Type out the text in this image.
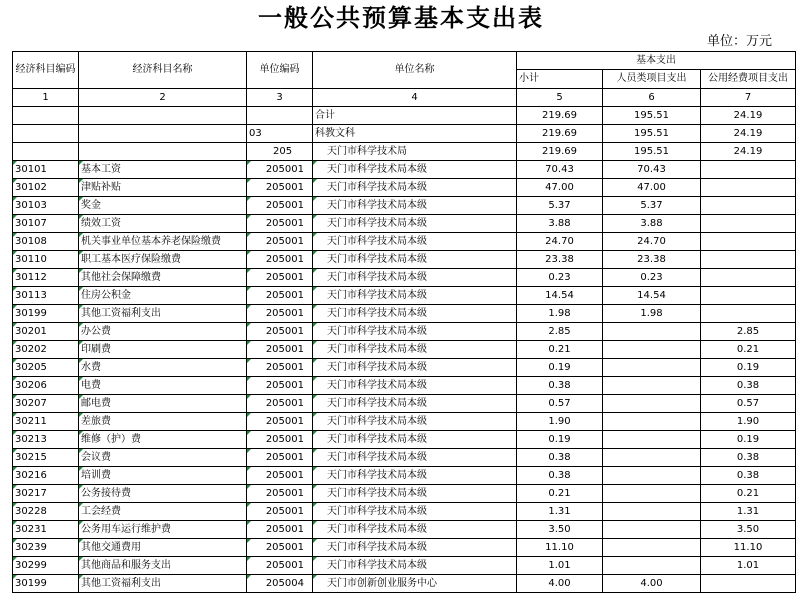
一般公共预算基本支出表
单位：万元
经济科目编码	经济科目名称	单位编码	单位名称	基本支出		
				小计	人员类项目支出	公用经费项目支出
1	2	3	4	5	6	7
			合计	219.69	195.51	24.19
		03	科教文科	219.69	195.51	24.19
		205	天门市科学技术局	219.69	195.51	24.19
30101	基本工资	205001	天门市科学技术局本级	70.43	70.43	
30102	津贴补贴	205001	天门市科学技术局本级	47.00	47.00	
30103	奖金	205001	天门市科学技术局本级	5.37	5.37	
30107	绩效工资	205001	天门市科学技术局本级	3.88	3.88	
30108	机关事业单位基本养老保险缴费	205001	天门市科学技术局本级	24.70	24.70	
30110	职工基本医疗保险缴费	205001	天门市科学技术局本级	23.38	23.38	
30112	其他社会保障缴费	205001	天门市科学技术局本级	0.23	0.23	
30113	住房公积金	205001	天门市科学技术局本级	14.54	14.54	
30199	其他工资福利支出	205001	天门市科学技术局本级	1.98	1.98	
30201	办公费	205001	天门市科学技术局本级	2.85		2.85
30202	印刷费	205001	天门市科学技术局本级	0.21		0.21
30205	水费	205001	天门市科学技术局本级	0.19		0.19
30206	电费	205001	天门市科学技术局本级	0.38		0.38
30207	邮电费	205001	天门市科学技术局本级	0.57		0.57
30211	差旅费	205001	天门市科学技术局本级	1.90		1.90
30213	维修（护）费	205001	天门市科学技术局本级	0.19		0.19
30215	会议费	205001	天门市科学技术局本级	0.38		0.38
30216	培训费	205001	天门市科学技术局本级	0.38		0.38
30217	公务接待费	205001	天门市科学技术局本级	0.21		0.21
30228	工会经费	205001	天门市科学技术局本级	1.31		1.31
30231	公务用车运行维护费	205001	天门市科学技术局本级	3.50		3.50
30239	其他交通费用	205001	天门市科学技术局本级	11.10		11.10
30299	其他商品和服务支出	205001	天门市科学技术局本级	1.01		1.01
30199	其他工资福利支出	205004	天门市创新创业服务中心	4.00	4.00	
